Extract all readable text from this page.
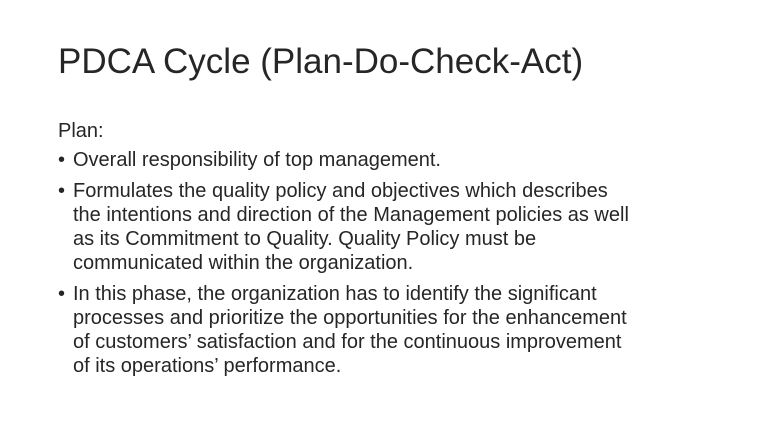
PDCA Cycle (Plan-Do-Check-Act)
Plan:
• Overall responsibility of top management.
• Formulates the quality policy and objectives which describes
the intentions and direction of the Management policies as well
as its Commitment to Quality. Quality Policy must be
communicated within the organization.
• In this phase, the organization has to identify the significant
processes and prioritize the opportunities for the enhancement
of customers’ satisfaction and for the continuous improvement
of its operations’ performance.
